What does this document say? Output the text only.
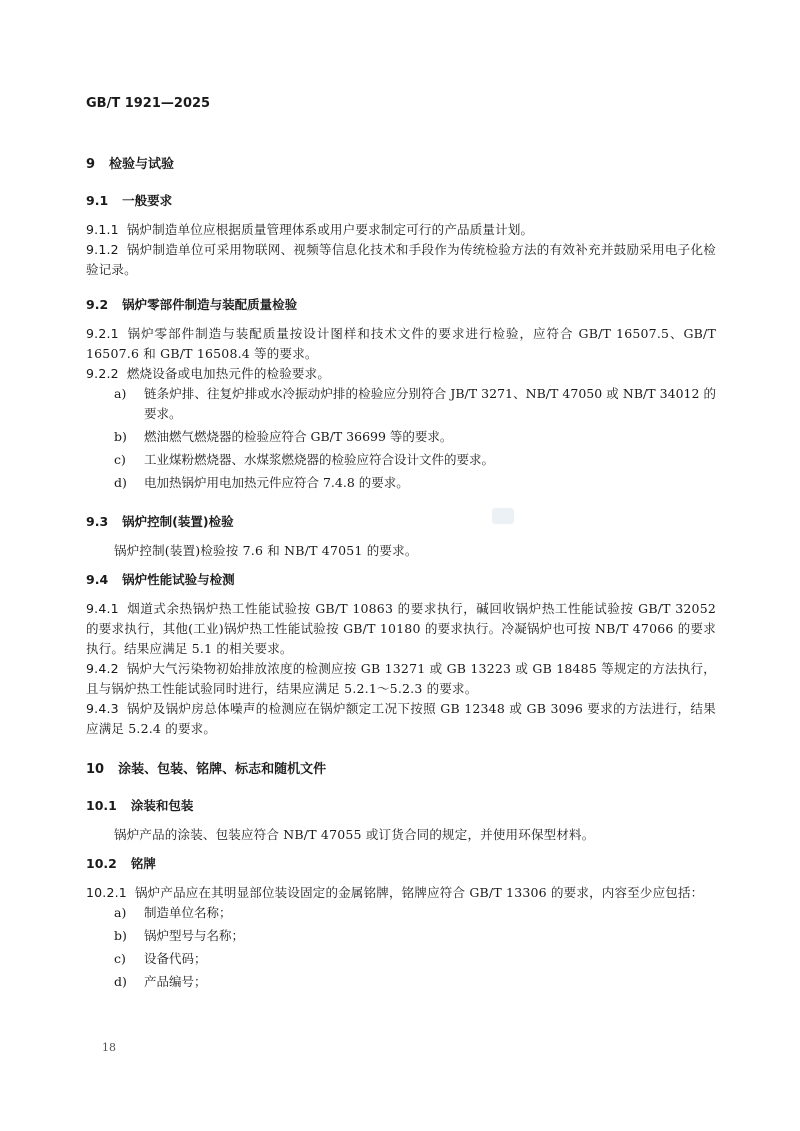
GB/T 1921—2025
9 检验与试验
9.1 一般要求

9.1.1 锅炉制造单位应根据质量管理体系或用户要求制定可行的产品质量计划。

9.1.2 锅炉制造单位可采用物联网、视频等信息化技术和手段作为传统检验方法的有效补充并鼓励采用电子化检验记录。

9.2 锅炉零部件制造与装配质量检验

9.2.1 锅炉零部件制造与装配质量按设计图样和技术文件的要求进行检验，应符合 GB/T 16507.5、GB/T 16507.6 和 GB/T 16508.4 等的要求。

9.2.2 燃烧设备或电加热元件的检验要求。

a) 链条炉排、往复炉排或水冷振动炉排的检验应分别符合 JB/T 3271、NB/T 47050 或 NB/T 34012 的要求。
b) 燃油燃气燃烧器的检验应符合 GB/T 36699 等的要求。
c) 工业煤粉燃烧器、水煤浆燃烧器的检验应符合设计文件的要求。
d) 电加热锅炉用电加热元件应符合 7.4.8 的要求。
9.3 锅炉控制(装置)检验

锅炉控制(装置)检验按 7.6 和 NB/T 47051 的要求。

9.4 锅炉性能试验与检测

9.4.1 烟道式余热锅炉热工性能试验按 GB/T 10863 的要求执行，碱回收锅炉热工性能试验按 GB/T 32052 的要求执行，其他(工业)锅炉热工性能试验按 GB/T 10180 的要求执行。冷凝锅炉也可按 NB/T 47066 的要求执行。结果应满足 5.1 的相关要求。

9.4.2 锅炉大气污染物初始排放浓度的检测应按 GB 13271 或 GB 13223 或 GB 18485 等规定的方法执行，且与锅炉热工性能试验同时进行，结果应满足 5.2.1～5.2.3 的要求。

9.4.3 锅炉及锅炉房总体噪声的检测应在锅炉额定工况下按照 GB 12348 或 GB 3096 要求的方法进行，结果应满足 5.2.4 的要求。

10 涂装、包装、铭牌、标志和随机文件
10.1 涂装和包装

锅炉产品的涂装、包装应符合 NB/T 47055 或订货合同的规定，并使用环保型材料。

10.2 铭牌

10.2.1 锅炉产品应在其明显部位装设固定的金属铭牌，铭牌应符合 GB/T 13306 的要求，内容至少应包括：

a) 制造单位名称；
b) 锅炉型号与名称；
c) 设备代码；
d) 产品编号；
18
